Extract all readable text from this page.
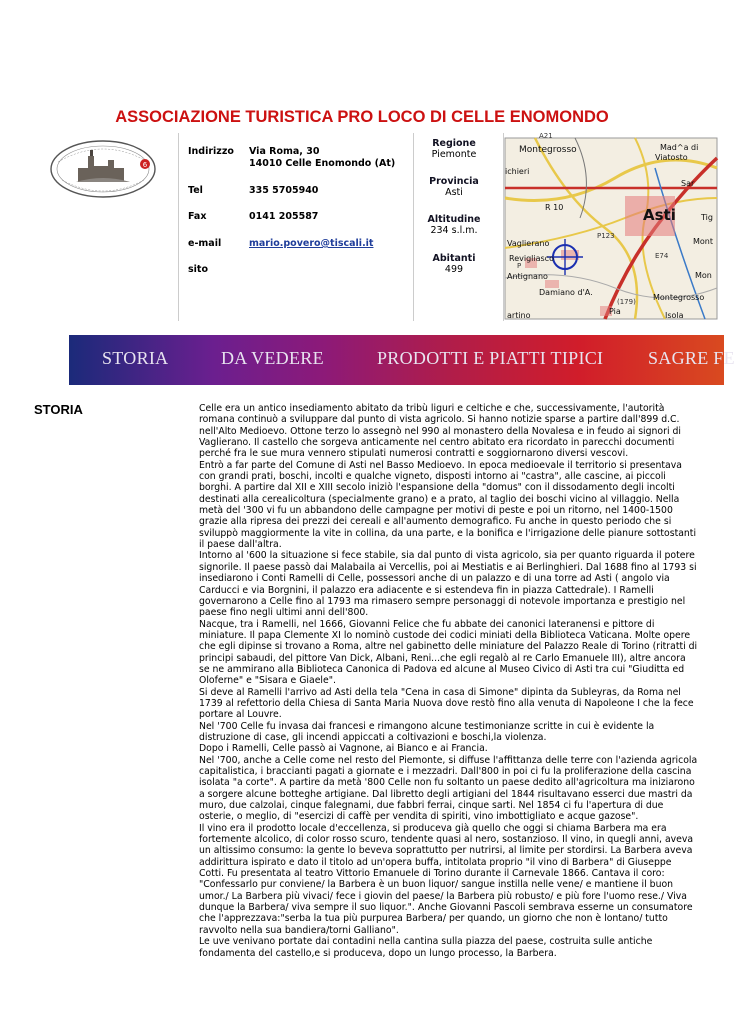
ASSOCIAZIONE TURISTICA PRO LOCO DI CELLE ENOMONDO
6
Indirizzo	Via Roma, 30
14010 Celle Enomondo (At)
Tel	335 5705940
Fax	0141 205587
e-mail	mario.povero@tiscali.it
sito
Regione
Piemonte
Provincia
Asti
Altitudine
234 s.l.m.
Abitanti
499
Montegrosso	Mad^a di
Viatosto
ichieri
Asti
R 10
Vaglierano
Revigliasco
Antignano
Damiano d'A.
Montegrosso
Isola
Mont
Mon
Pia
artino
Tig
Sar
P123
P
E74
A21
(179)
STORIA	DA VEDERE	PRODOTTI E PIATTI TIPICI SAGRE FE
STORIA	Celle era un antico insediamento abitato da tribù liguri e celtiche e che, successivamente, l'autorità romana continuò a sviluppare dal punto di vista agricolo. Si hanno notizie sparse a partire dall'899 d.C. nell'Alto Medioevo. Ottone terzo lo assegnò nel 990 al monastero della Novalesa e in feudo ai signori di Vaglierano. Il castello che sorgeva anticamente nel centro abitato era ricordato in parecchi documenti perché fra le sue mura vennero stipulati numerosi contratti e soggiornarono diversi vescovi.

Entrò a far parte del Comune di Asti nel Basso Medioevo. In epoca medioevale il territorio si presentava con grandi prati, boschi, incolti e qualche vigneto, disposti intorno ai "castra", alle cascine, ai piccoli borghi. A partire dal XII e XIII secolo iniziò l'espansione della "domus" con il dissodamento degli incolti destinati alla cerealicoltura (specialmente grano) e a prato, al taglio dei boschi vicino al villaggio. Nella metà del '300 vi fu un abbandono delle campagne per motivi di peste e poi un ritorno, nel 1400-1500 grazie alla ripresa dei prezzi dei cereali e all'aumento demografico. Fu anche in questo periodo che si sviluppò maggiormente la vite in collina, da una parte, e la bonifica e l'irrigazione delle pianure sottostanti il paese dall'altra.

Intorno al '600 la situazione si fece stabile, sia dal punto di vista agricolo, sia per quanto riguarda il potere signorile. Il paese passò dai Malabaila ai Vercellis, poi ai Mestiatis e ai Berlinghieri. Dal 1688 fino al 1793 si insediarono i Conti Ramelli di Celle, possessori anche di un palazzo e di una torre ad Asti ( angolo via Carducci e via Borgnini, il palazzo era adiacente e si estendeva fin in piazza Cattedrale). I Ramelli governarono a Celle fino al 1793 ma rimasero sempre personaggi di notevole importanza e prestigio nel paese fino negli ultimi anni dell'800.

Nacque, tra i Ramelli, nel 1666, Giovanni Felice che fu abbate dei canonici lateranensi e pittore di miniature. Il papa Clemente XI lo nominò custode dei codici miniati della Biblioteca Vaticana. Molte opere che egli dipinse si trovano a Roma, altre nel gabinetto delle miniature del Palazzo Reale di Torino (ritratti di principi sabaudi, del pittore Van Dick, Albani, Reni...che egli regalò al re Carlo Emanuele III), altre ancora se ne ammirano alla Biblioteca Canonica di Padova ed alcune al Museo Civico di Asti tra cui "Giuditta ed Oloferne" e "Sisara e Giaele".

Si deve al Ramelli l'arrivo ad Asti della tela "Cena in casa di Simone" dipinta da Subleyras, da Roma nel 1739 al refettorio della Chiesa di Santa Maria Nuova dove restò fino alla venuta di Napoleone I che la fece portare al Louvre.

Nel '700 Celle fu invasa dai francesi e rimangono alcune testimonianze scritte in cui è evidente la distruzione di case, gli incendi appiccati a coltivazioni e boschi,la violenza.

Dopo i Ramelli, Celle passò ai Vagnone, ai Bianco e ai Francia.

Nel '700, anche a Celle come nel resto del Piemonte, si diffuse l'affittanza delle terre con l'azienda agricola capitalistica, i braccianti pagati a giornate e i mezzadri. Dall'800 in poi ci fu la proliferazione della cascina isolata "a corte". A partire da metà '800 Celle non fu soltanto un paese dedito all'agricoltura ma iniziarono a sorgere alcune botteghe artigiane. Dal libretto degli artigiani del 1844 risultavano esserci due mastri da muro, due calzolai, cinque falegnami, due fabbri ferrai, cinque sarti. Nel 1854 ci fu l'apertura di due osterie, o meglio, di "esercizi di caffè per vendita di spiriti, vino imbottigliato e acque gazose".

Il vino era il prodotto locale d'eccellenza, si produceva già quello che oggi si chiama Barbera ma era fortemente alcolico, di color rosso scuro, tendente quasi al nero, sostanzioso. Il vino, in quegli anni, aveva un altissimo consumo: la gente lo beveva soprattutto per nutrirsi, al limite per stordirsi. La Barbera aveva addirittura ispirato e dato il titolo ad un'opera buffa, intitolata proprio "il vino di Barbera" di Giuseppe Cotti. Fu presentata al teatro Vittorio Emanuele di Torino durante il Carnevale 1866. Cantava il coro: "Confessarlo pur conviene/ la Barbera è un buon liquor/ sangue instilla nelle vene/ e mantiene il buon umor./ La Barbera più vivaci/ fece i giovin del paese/ la Barbera più robusto/ e più fore l'uomo rese./ Viva dunque la Barbera/ viva sempre il suo liquor.". Anche Giovanni Pascoli sembrava esserne un consumatore che l'apprezzava:"serba la tua più purpurea Barbera/ per quando, un giorno che non è lontano/ tutto ravvolto nella sua bandiera/torni Galliano".

Le uve venivano portate dai contadini nella cantina sulla piazza del paese, costruita sulle antiche fondamenta del castello,e si produceva, dopo un lungo processo, la Barbera.
